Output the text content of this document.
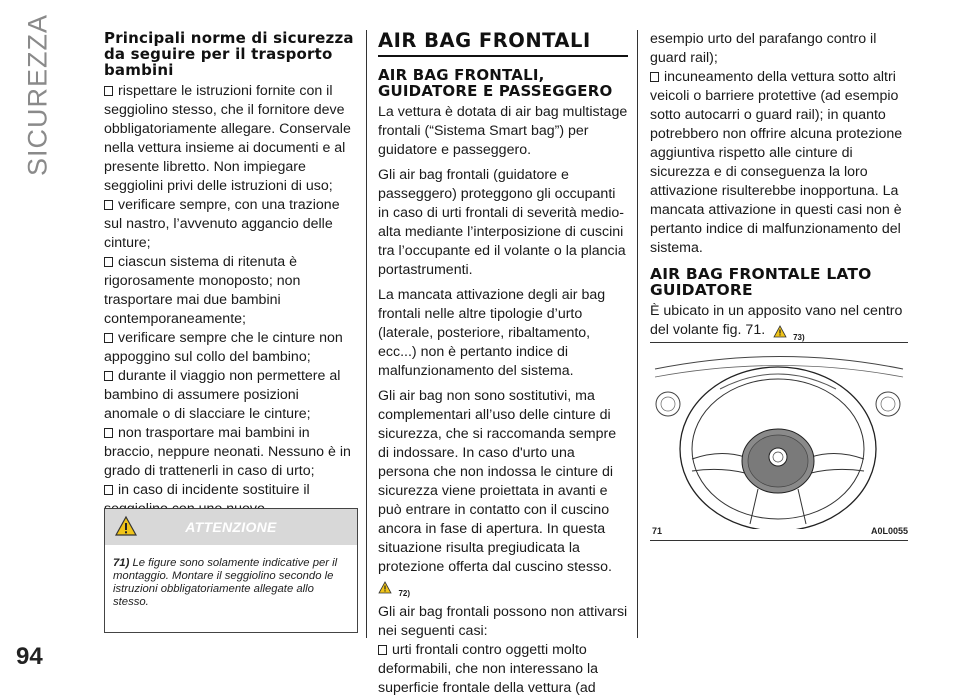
SICUREZZA	Principali norme di sicurezza da seguire per il trasporto bambini
rispettare le istruzioni fornite con il seggiolino stesso, che il fornitore deve obbligatoriamente allegare. Conservale nella vettura insieme ai documenti e al presente libretto. Non impiegare seggiolini privi delle istruzioni di uso;
verificare sempre, con una trazione sul nastro, l’avvenuto aggancio delle cinture;
ciascun sistema di ritenuta è rigorosamente monoposto; non trasportare mai due bambini contemporaneamente;
verificare sempre che le cinture non appoggino sul collo del bambino;
durante il viaggio non permettere al bambino di assumere posizioni anomale o di slacciare le cinture;
non trasportare mai bambini in braccio, neppure neonati. Nessuno è in grado di trattenerli in caso di urto;
in caso di incidente sostituire il
ATTENZIONE
71) Le figure sono solamente indicative per il montaggio. Montare il seggiolino secondo le istruzioni obbligatoriamente allegate allo stesso.
AIR BAG FRONTALI
AIR BAG FRONTALI, GUIDATORE E PASSEGGERO

La vettura è dotata di air bag multistage frontali (“Sistema Smart bag”) per guidatore e passeggero.

Gli air bag frontali (guidatore e passeggero) proteggono gli occupanti in caso di urti frontali di severità medio-alta mediante l’interposizione di cuscini tra l’occupante ed il volante o la plancia portastrumenti.

La mancata attivazione degli air bag frontali nelle altre tipologie d’urto (laterale, posteriore, ribaltamento, ecc...) non è pertanto indice di malfunzionamento del sistema.

Gli air bag non sono sostitutivi, ma complementari all’uso delle cinture di sicurezza, che si raccomanda sempre di indossare. In caso d'urto una persona che non indossa le cinture di sicurezza viene proiettata in avanti e può entrare in contatto con il cuscino ancora in fase di apertura. In questa situazione risulta pregiudicata la protezione offerta dal cuscino stesso.

72)

Gli air bag frontali possono non attivarsi nei seguenti casi:

urti frontali contro oggetti molto deformabili, che non interessano la superficie frontale della vettura (ad

esempio urto del parafango contro il guard rail);

incuneamento della vettura sotto altri veicoli o barriere protettive (ad esempio sotto autocarri o guard rail); in quanto potrebbero non offrire alcuna protezione aggiuntiva rispetto alle cinture di sicurezza e di conseguenza la loro attivazione risulterebbe inopportuna. La mancata attivazione in questi casi non è pertanto indice di malfunzionamento del sistema.
AIR BAG FRONTALE LATO GUIDATORE

È ubicato in un apposito vano nel centro del volante fig. 71.	73)

71	A0L0055
94
